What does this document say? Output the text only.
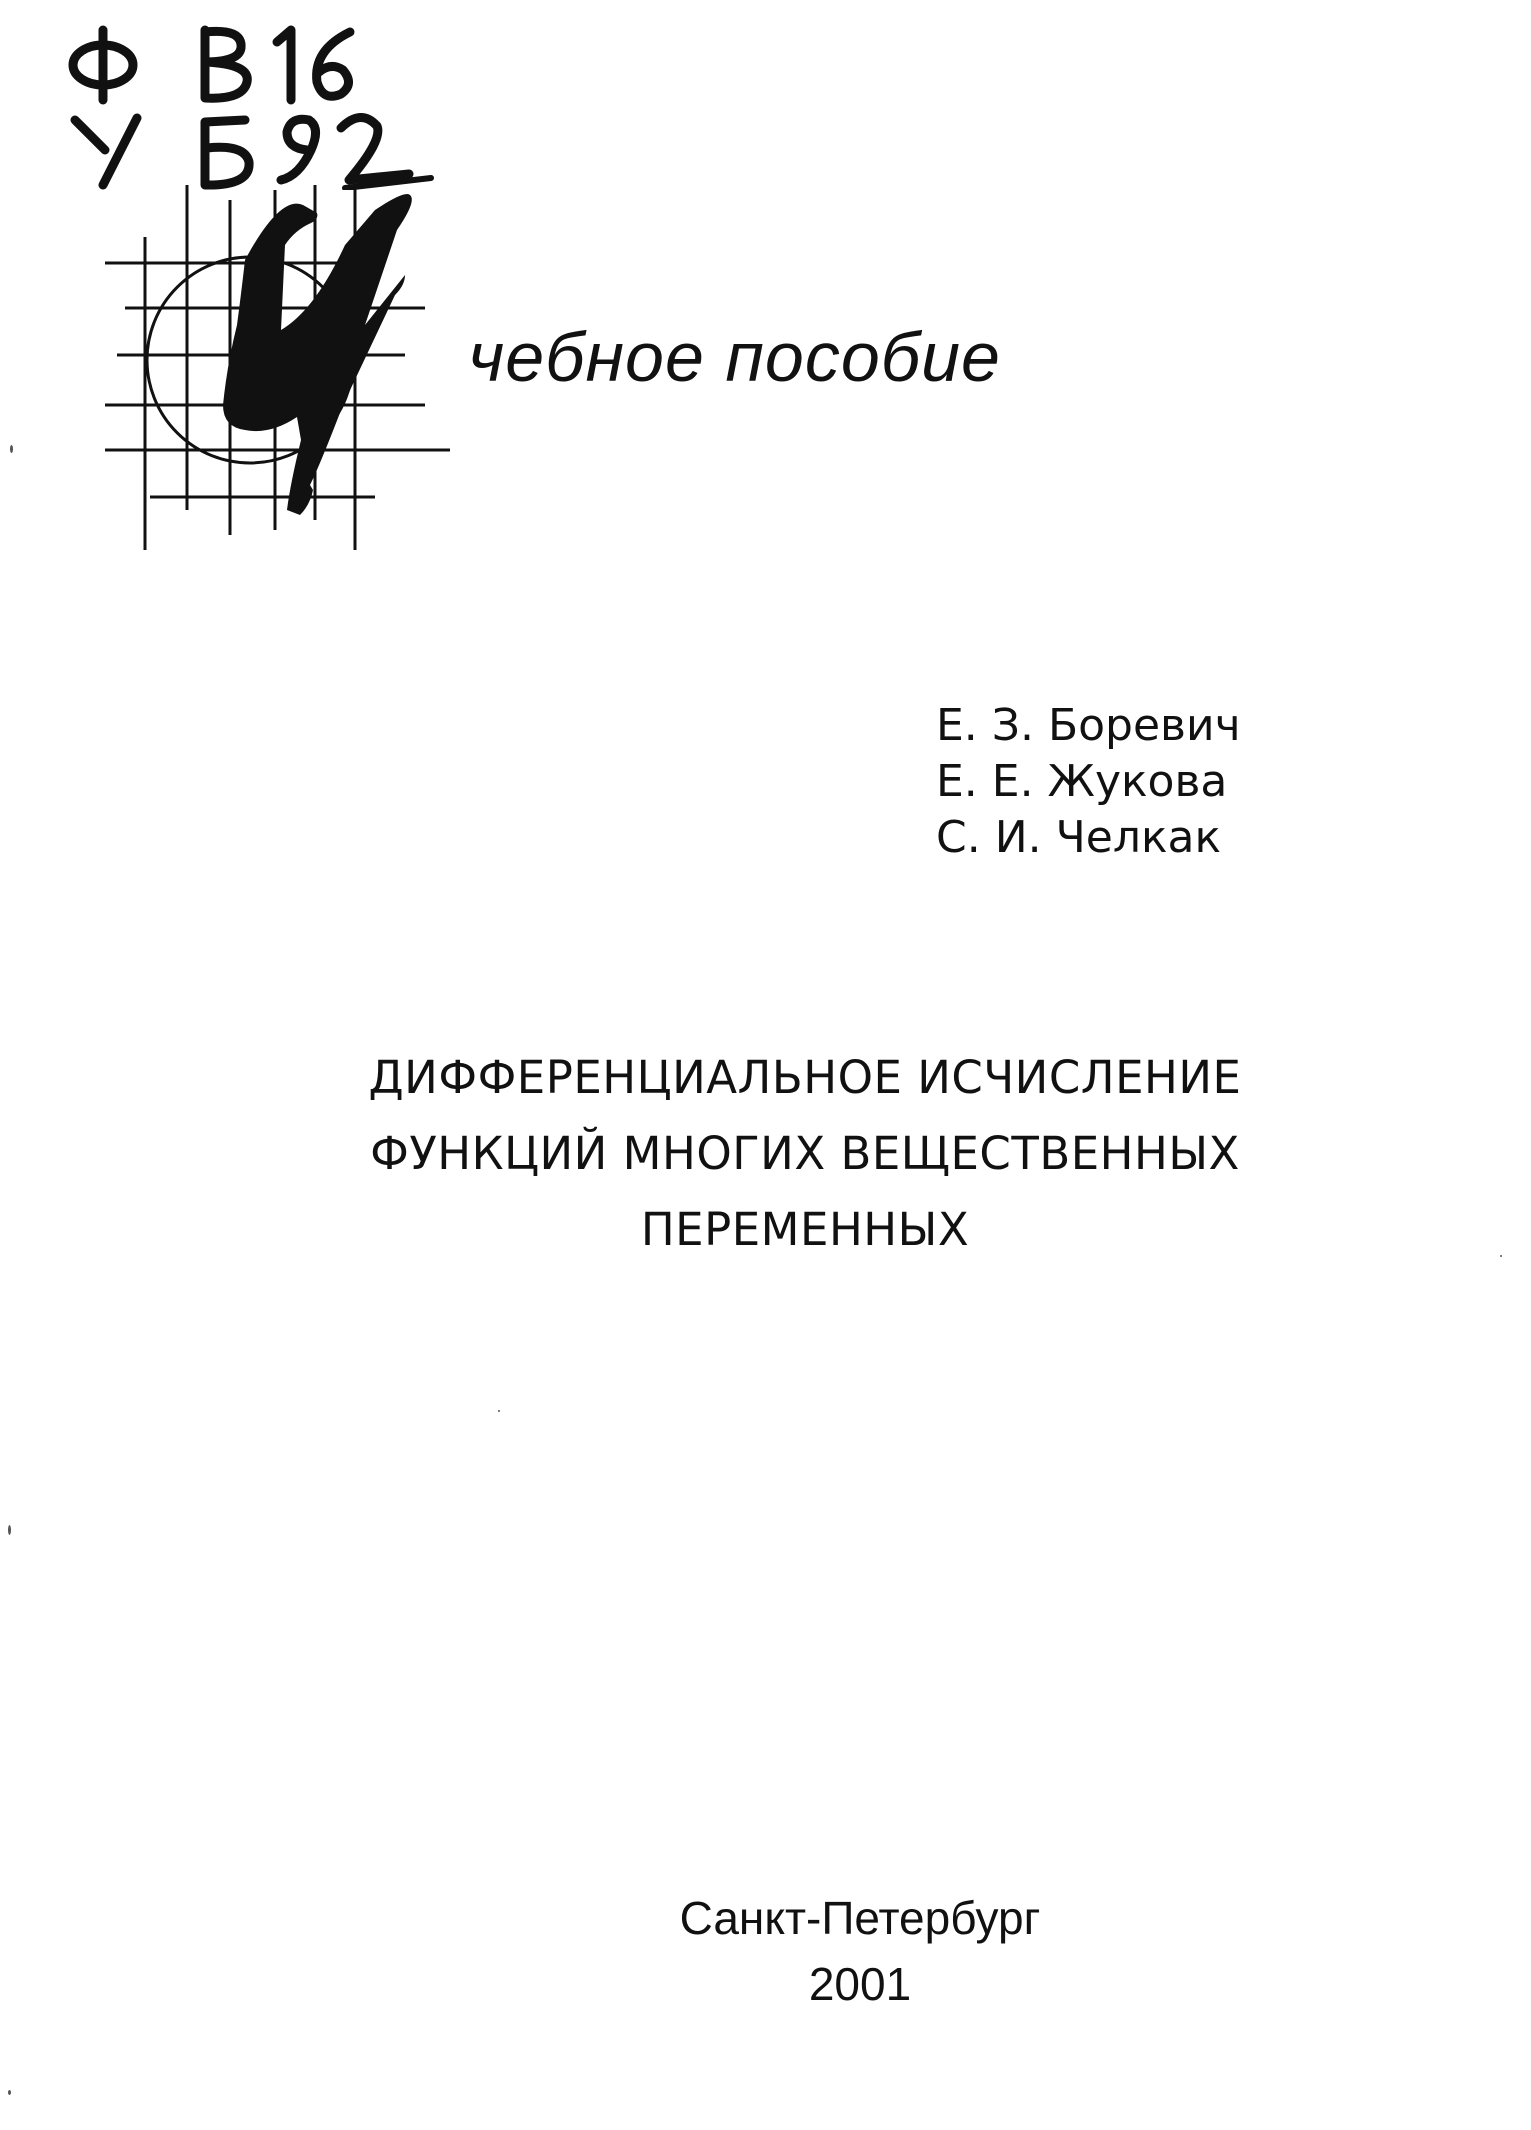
чебное пособие
Е. З. Боревич
Е. Е. Жукова
С. И. Челкак
ДИФФЕРЕНЦИАЛЬНОЕ ИСЧИСЛЕНИЕ
ФУНКЦИЙ МНОГИХ ВЕЩЕСТВЕННЫХ
ПЕРЕМЕННЫХ
Санкт-Петербург
2001
